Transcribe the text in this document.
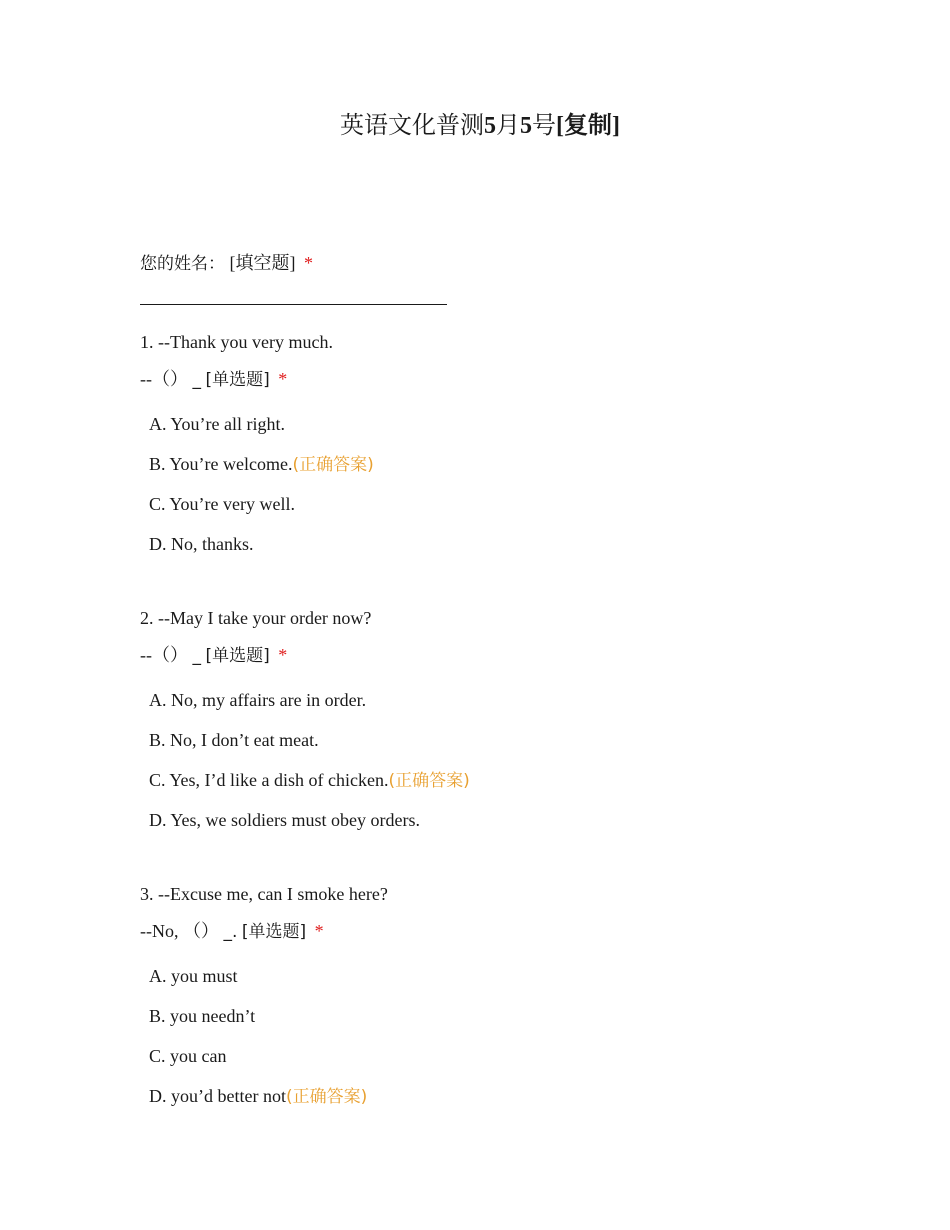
英语文化普测5月5号[复制]
您的姓名： [填空题] *
1. --Thank you very much.
--（） _ [单选题] *
A. You’re all right.
B. You’re welcome.(正确答案)
C. You’re very well.
D. No, thanks.
2. --May I take your order now?
--（） _ [单选题] *
A. No, my affairs are in order.
B. No, I don’t eat meat.
C. Yes, I’d like a dish of chicken.(正确答案)
D. Yes, we soldiers must obey orders.
3. --Excuse me, can I smoke here?
--No, （） _. [单选题] *
A. you must
B. you needn’t
C. you can
D. you’d better not(正确答案)
